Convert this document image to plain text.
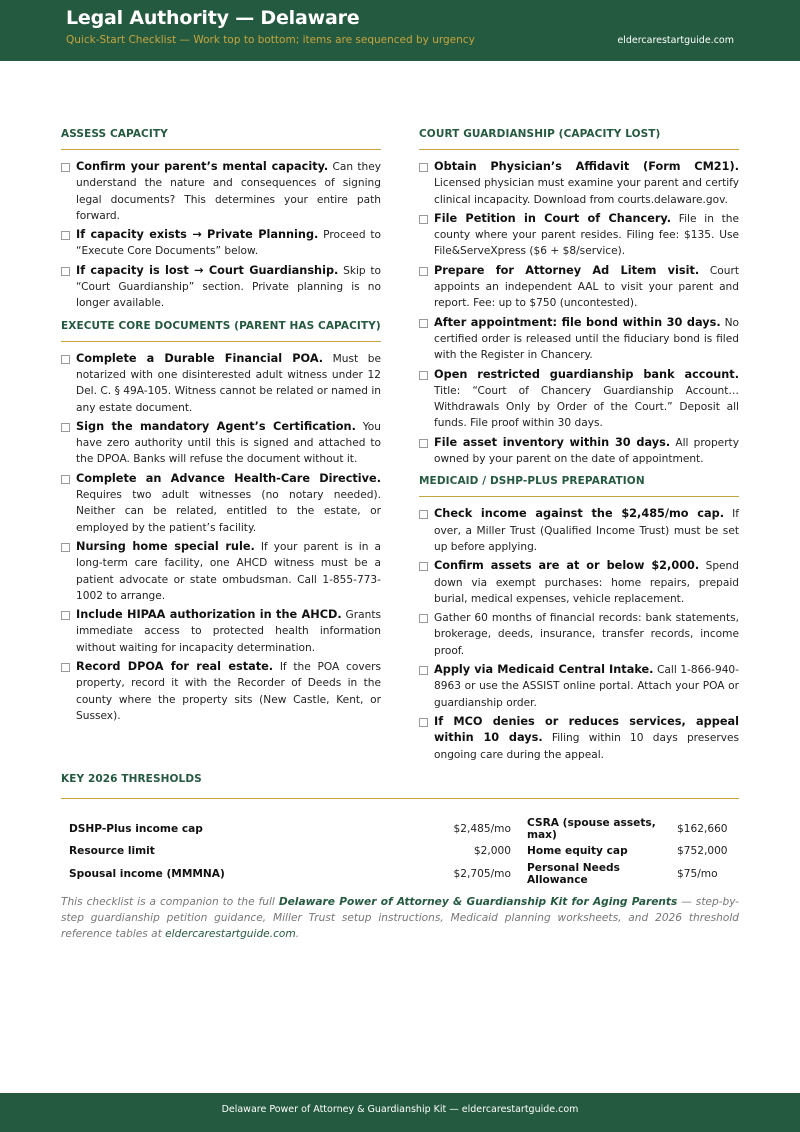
Legal Authority — Delaware
Quick-Start Checklist — Work top to bottom; items are sequenced by urgency	eldercarestartguide.com
ASSESS CAPACITY
Confirm your parent’s mental capacity. Can they understand the nature and consequences of signing legal documents? This determines your entire path forward.
If capacity exists → Private Planning. Proceed to “Execute Core Documents” below.
If capacity is lost → Court Guardianship. Skip to “Court Guardianship” section. Private planning is no longer available.
EXECUTE CORE DOCUMENTS (PARENT HAS CAPACITY)
Complete a Durable Financial POA. Must be notarized with one disinterested adult witness under 12 Del. C. § 49A-105. Witness cannot be related or named in any estate document.
Sign the mandatory Agent’s Certification. You have zero authority until this is signed and attached to the DPOA. Banks will refuse the document without it.
Complete an Advance Health-Care Directive. Requires two adult witnesses (no notary needed). Neither can be related, entitled to the estate, or employed by the patient’s facility.
Nursing home special rule. If your parent is in a long-term care facility, one AHCD witness must be a patient advocate or state ombudsman. Call 1-855-773-1002 to arrange.
Include HIPAA authorization in the AHCD. Grants immediate access to protected health information without waiting for incapacity determination.
Record DPOA for real estate. If the POA covers property, record it with the Recorder of Deeds in the county where the property sits (New Castle, Kent, or Sussex).
COURT GUARDIANSHIP (CAPACITY LOST)
Obtain Physician’s Affidavit (Form CM21). Licensed physician must examine your parent and certify clinical incapacity. Download from courts.delaware.gov.
File Petition in Court of Chancery. File in the county where your parent resides. Filing fee: $135. Use File&ServeXpress ($6 + $8/service).
Prepare for Attorney Ad Litem visit. Court appoints an independent AAL to visit your parent and report. Fee: up to $750 (uncontested).
After appointment: file bond within 30 days. No certified order is released until the fiduciary bond is filed with the Register in Chancery.
Open restricted guardianship bank account. Title: “Court of Chancery Guardianship Account… Withdrawals Only by Order of the Court.” Deposit all funds. File proof within 30 days.
File asset inventory within 30 days. All property owned by your parent on the date of appointment.
MEDICAID / DSHP-PLUS PREPARATION
Check income against the $2,485/mo cap. If over, a Miller Trust (Qualified Income Trust) must be set up before applying.
Confirm assets are at or below $2,000. Spend down via exempt purchases: home repairs, prepaid burial, medical expenses, vehicle replacement.
Gather 60 months of financial records: bank statements, brokerage, deeds, insurance, transfer records, income proof.
Apply via Medicaid Central Intake. Call 1-866-940-8963 or use the ASSIST online portal. Attach your POA or guardianship order.
If MCO denies or reduces services, appeal within 10 days. Filing within 10 days preserves ongoing care during the appeal.
KEY 2026 THRESHOLDS
DSHP-Plus income cap	$2,485/mo	CSRA (spouse assets, max)	$162,660
Resource limit	$2,000	Home equity cap	$752,000
Spousal income (MMMNA)	$2,705/mo	Personal Needs Allowance	$75/mo
This checklist is a companion to the full Delaware Power of Attorney & Guardianship Kit for Aging Parents — step-by-step guardianship petition guidance, Miller Trust setup instructions, Medicaid planning worksheets, and 2026 threshold reference tables at eldercarestartguide.com.
Delaware Power of Attorney & Guardianship Kit — eldercarestartguide.com
